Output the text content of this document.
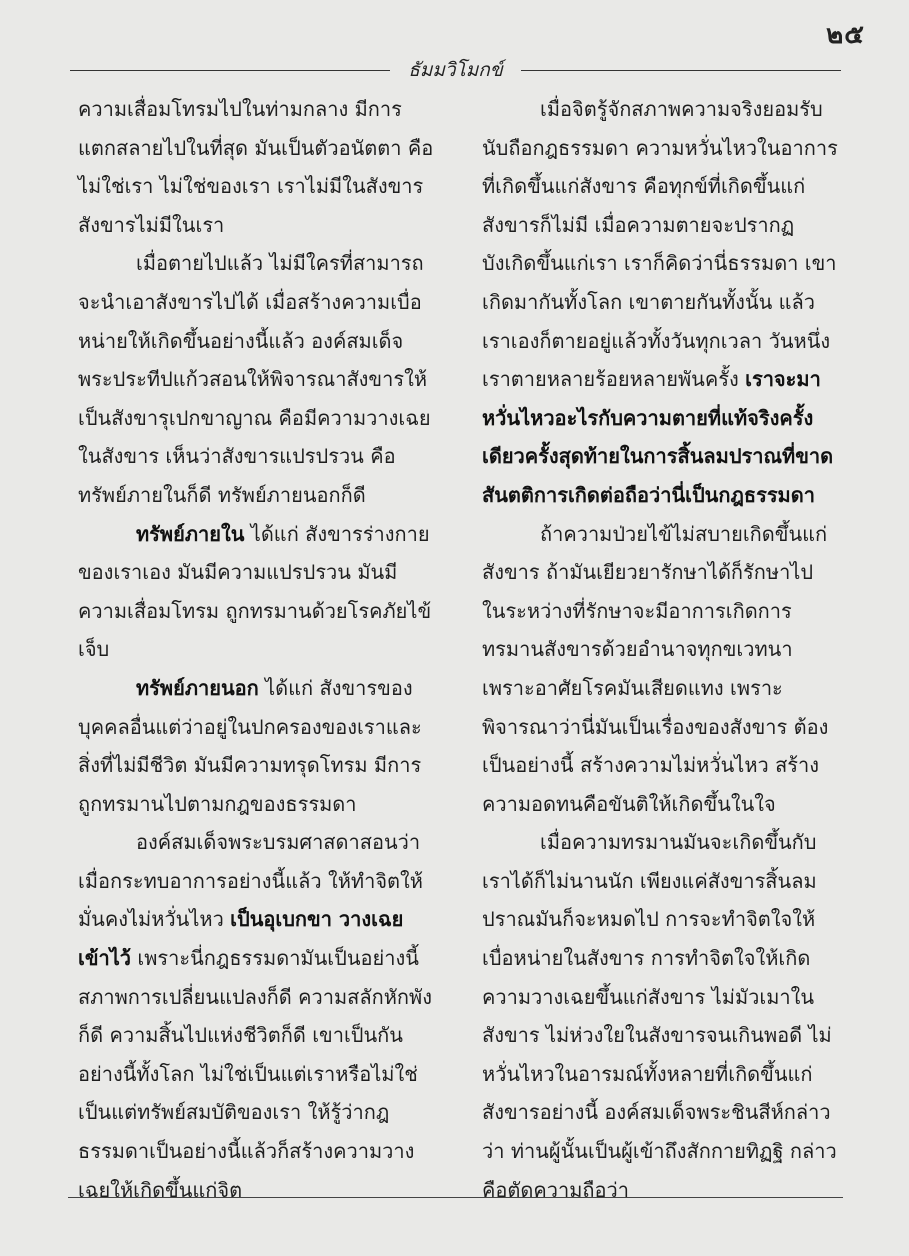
๒๕
ธัมมวิโมกข์

ความเสื่อมโทรมไปในท่ามกลาง มีการแตกสลายไปในที่สุด มันเป็นตัวอนัตตา คือไม่ใช่เรา ไม่ใช่ของเรา เราไม่มีในสังขาร สังขารไม่มีในเรา

เมื่อตายไปแล้ว ไม่มีใครที่สามารถจะนำเอาสังขารไปได้ เมื่อสร้างความเบื่อหน่ายให้เกิดขึ้นอย่างนี้แล้ว องค์สมเด็จพระประทีปแก้วสอนให้พิจารณาสังขารให้เป็นสังขารุเปกขาญาณ คือมีความวางเฉยในสังขาร เห็นว่าสังขารแปรปรวน คือทรัพย์ภายในก็ดี ทรัพย์ภายนอกก็ดี

ทรัพย์ภายใน ได้แก่ สังขารร่างกายของเราเอง มันมีความแปรปรวน มันมีความเสื่อมโทรม ถูกทรมานด้วยโรคภัยไข้เจ็บ

ทรัพย์ภายนอก ได้แก่ สังขารของบุคคลอื่นแต่ว่าอยู่ในปกครองของเราและสิ่งที่ไม่มีชีวิต มันมีความทรุดโทรม มีการถูกทรมานไปตามกฎของธรรมดา

องค์สมเด็จพระบรมศาสดาสอนว่า เมื่อกระทบอาการอย่างนี้แล้ว ให้ทำจิตให้มั่นคงไม่หวั่นไหว เป็นอุเบกขา วางเฉยเข้าไว้ เพราะนี่กฎธรรมดามันเป็นอย่างนี้ สภาพการเปลี่ยนแปลงก็ดี ความสลักหักพังก็ดี ความสิ้นไปแห่งชีวิตก็ดี เขาเป็นกันอย่างนี้ทั้งโลก ไม่ใช่เป็นแต่เราหรือไม่ใช่เป็นแต่ทรัพย์สมบัติของเรา ให้รู้ว่ากฎธรรมดาเป็นอย่างนี้แล้วก็สร้างความวางเฉยให้เกิดขึ้นแก่จิต

เมื่อจิตรู้จักสภาพความจริงยอมรับนับถือกฎธรรมดา ความหวั่นไหวในอาการที่เกิดขึ้นแก่สังขาร คือทุกข์ที่เกิดขึ้นแก่สังขารก็ไม่มี เมื่อความตายจะปรากฏบังเกิดขึ้นแก่เรา เราก็คิดว่านี่ธรรมดา เขาเกิดมากันทั้งโลก เขาตายกันทั้งนั้น แล้วเราเองก็ตายอยู่แล้วทั้งวันทุกเวลา วันหนึ่งเราตายหลายร้อยหลายพันครั้ง เราจะมาหวั่นไหวอะไรกับความตายที่แท้จริงครั้งเดียวครั้งสุดท้ายในการสิ้นลมปราณที่ขาดสันตติการเกิดต่อถือว่านี่เป็นกฎธรรมดา

ถ้าความป่วยไข้ไม่สบายเกิดขึ้นแก่สังขาร ถ้ามันเยียวยารักษาได้ก็รักษาไป ในระหว่างที่รักษาจะมีอาการเกิดการทรมานสังขารด้วยอำนาจทุกขเวทนา เพราะอาศัยโรคมันเสียดแทง เพราะพิจารณาว่านี่มันเป็นเรื่องของสังขาร ต้องเป็นอย่างนี้ สร้างความไม่หวั่นไหว สร้างความอดทนคือขันติให้เกิดขึ้นในใจ

เมื่อความทรมานมันจะเกิดขึ้นกับเราได้ก็ไม่นานนัก เพียงแค่สังขารสิ้นลมปราณมันก็จะหมดไป การจะทำจิตใจให้เบื่อหน่ายในสังขาร การทำจิตใจให้เกิดความวางเฉยขึ้นแก่สังขาร ไม่มัวเมาในสังขาร ไม่ห่วงใยในสังขารจนเกินพอดี ไม่หวั่นไหวในอารมณ์ทั้งหลายที่เกิดขึ้นแก่สังขารอย่างนี้ องค์สมเด็จพระชินสีห์กล่าวว่า ท่านผู้นั้นเป็นผู้เข้าถึงสักกายทิฏฐิ กล่าวคือตัดความถือว่า
